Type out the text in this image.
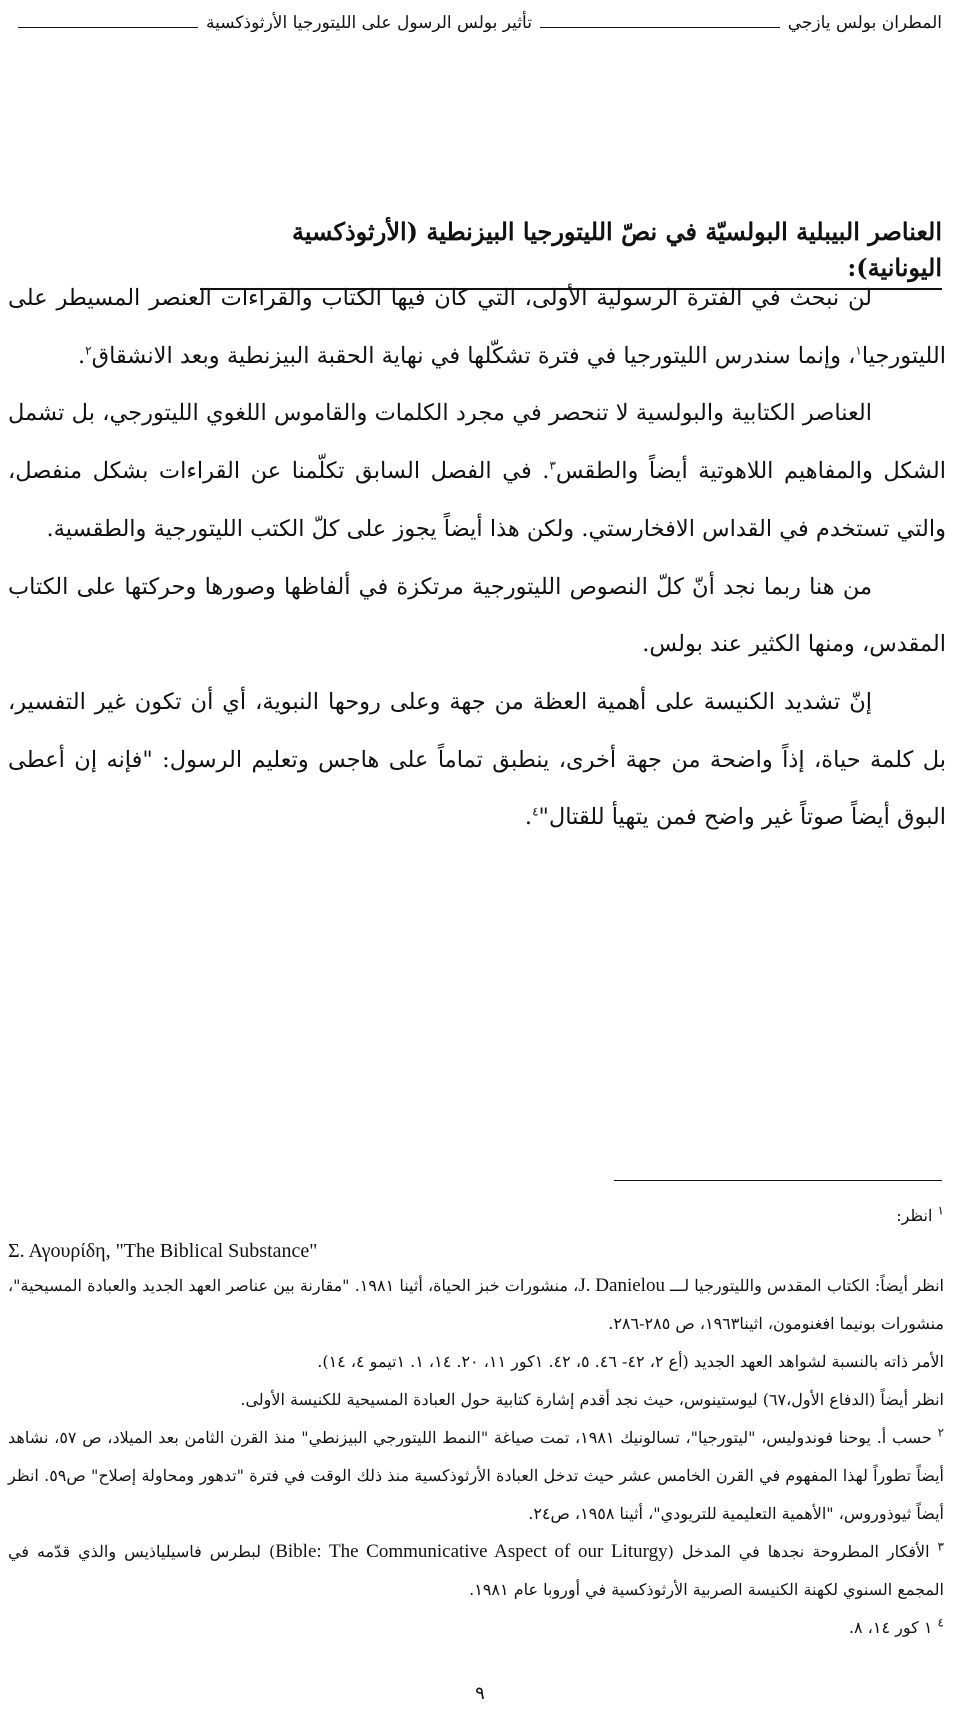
المطران بولس يازجي
تأثير بولس الرسول على الليتورجيا الأرثوذكسية
العناصر البيبلية البولسيّة في نصّ الليتورجيا البيزنطية (الأرثوذكسية اليونانية):

لن نبحث في الفترة الرسولية الأولى، التي كان فيها الكتاب والقراءات العنصر المسيطر على الليتورجيا$^١$، وإنما سندرس الليتورجيا في فترة تشكّلها في نهاية الحقبة البيزنطية وبعد الانشقاق$^٢$.

العناصر الكتابية والبولسية لا تنحصر في مجرد الكلمات والقاموس اللغوي الليتورجي، بل تشمل الشكل والمفاهيم اللاهوتية أيضاً والطقس$^٣$. في الفصل السابق تكلّمنا عن القراءات بشكل منفصل، والتي تستخدم في القداس الافخارستي. ولكن هذا أيضاً يجوز على كلّ الكتب الليتورجية والطقسية.

من هنا ربما نجد أنّ كلّ النصوص الليتورجية مرتكزة في ألفاظها وصورها وحركتها على الكتاب المقدس، ومنها الكثير عند بولس.

إنّ تشديد الكنيسة على أهمية العظة من جهة وعلى روحها النبوية، أي أن تكون غير التفسير، بل كلمة حياة، إذاً واضحة من جهة أخرى، ينطبق تماماً على هاجس وتعليم الرسول: "فإنه إن أعطى البوق أيضاً صوتاً غير واضح فمن يتهيأ للقتال"$^٤$.

$^١$ انظر:

Σ. Αγουρίδη, "The Biblical Substance"

انظر أيضاً: الكتاب المقدس والليتورجيا لـــ J. Danielou، منشورات خبز الحياة، أثينا ١٩٨١. "مقارنة بين عناصر العهد الجديد والعبادة المسيحية"، منشورات بونيما افغنومون، اثينا١٩٦٣، ص ٢٨٥-٢٨٦.

الأمر ذاته بالنسبة لشواهد العهد الجديد (أع ٢، ٤٢- ٤٦. ٥، ٤٢. ١كور ١١، ٢٠. ١٤، ١. ١تيمو ٤، ١٤).

انظر أيضاً (الدفاع الأول،٦٧) ليوستينوس، حيث نجد أقدم إشارة كتابية حول العبادة المسيحية للكنيسة الأولى.

$^٢$ حسب أ. يوحنا فوندوليس، "ليتورجيا"، تسالونيك ١٩٨١، تمت صياغة "النمط الليتورجي البيزنطي" منذ القرن الثامن بعد الميلاد، ص ٥٧، نشاهد أيضاً تطوراً لهذا المفهوم في القرن الخامس عشر حيث تدخل العبادة الأرثوذكسية منذ ذلك الوقت في فترة "تدهور ومحاولة إصلاح" ص٥٩. انظر أيضاً ثيوذوروس، "الأهمية التعليمية للتريودي"، أثينا ١٩٥٨، ص٢٤.

$^٣$ الأفكار المطروحة نجدها في المدخل (Bible: The Communicative Aspect of our Liturgy) لبطرس فاسيلياذيس والذي قدّمه في المجمع السنوي لكهنة الكنيسة الصربية الأرثوذكسية في أوروبا عام ١٩٨١.

$^٤$ ١ كور ١٤، ٨.

٩
